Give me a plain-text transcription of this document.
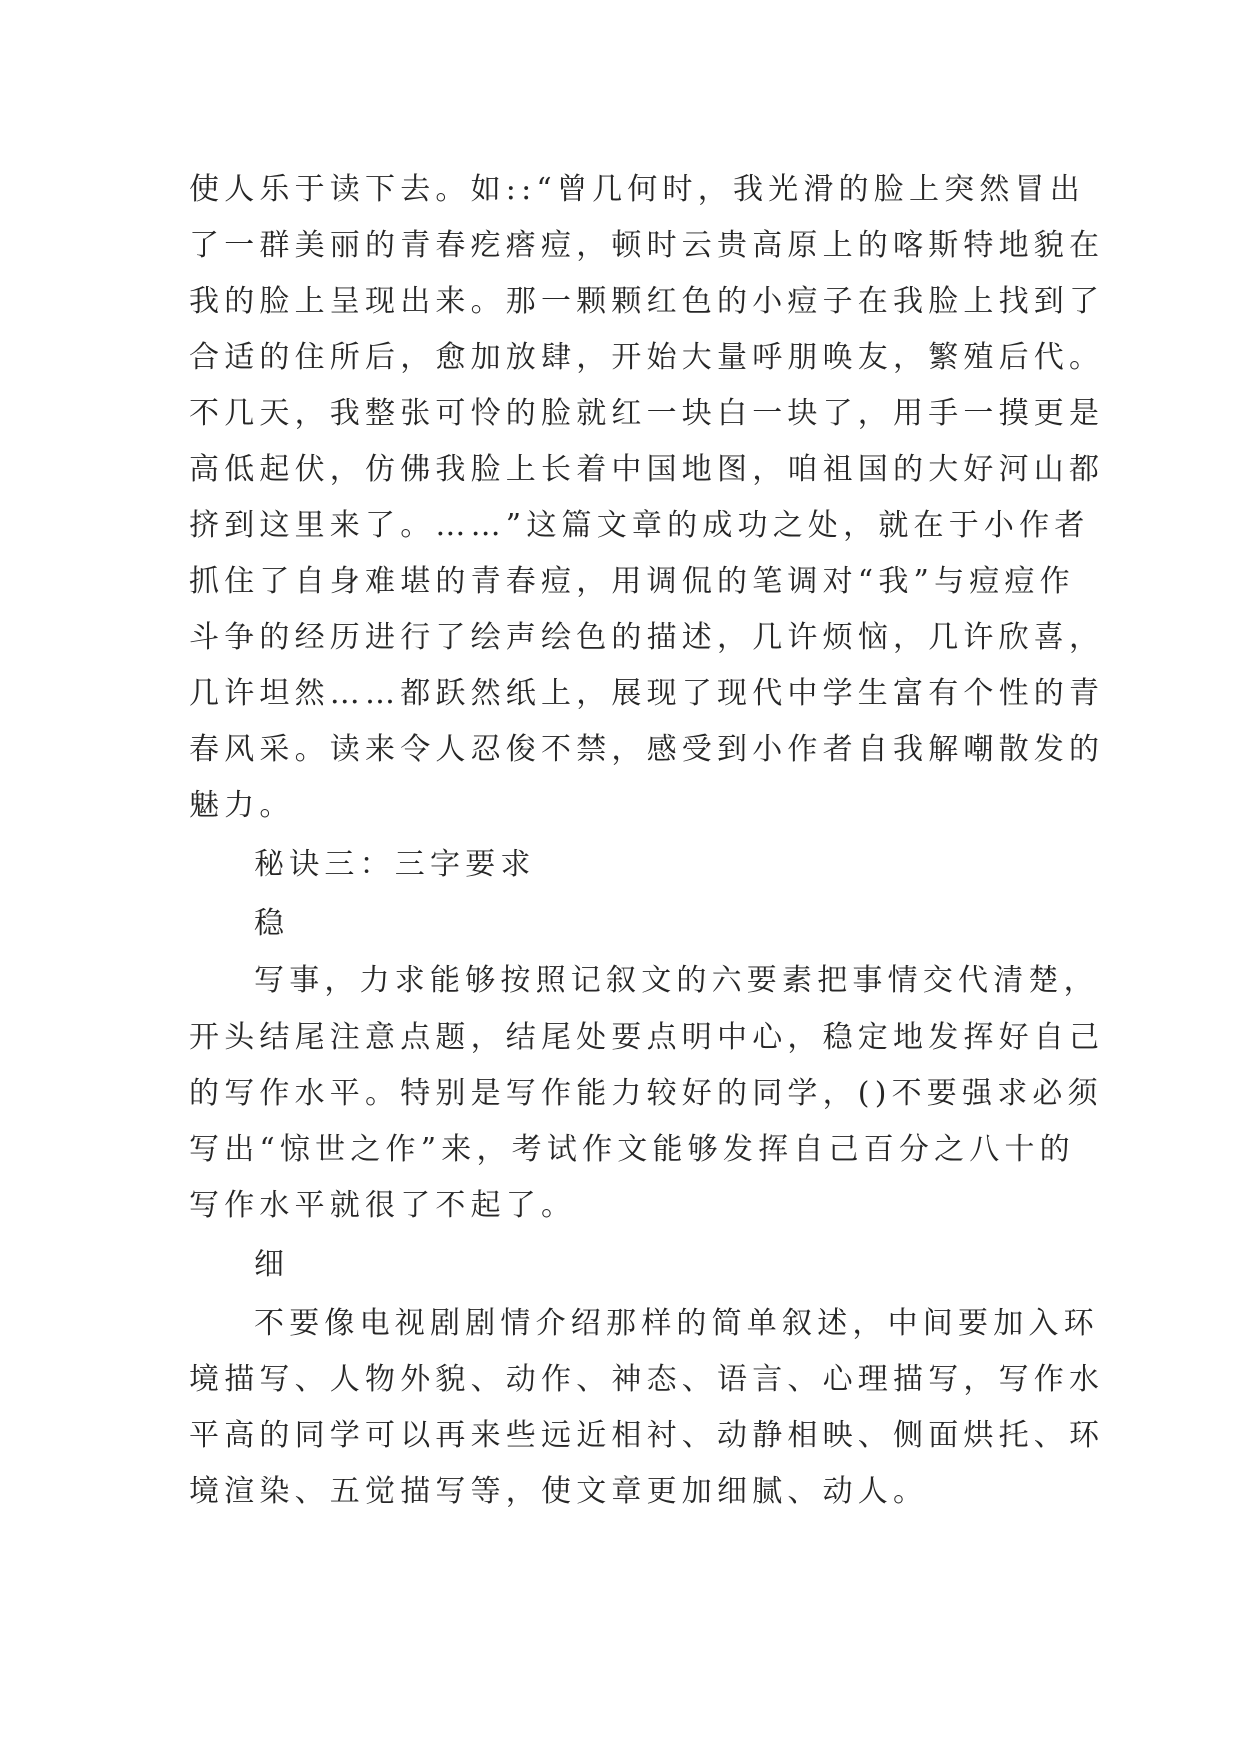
使人乐于读下去。如::“曾几何时，我光滑的脸上突然冒出
了一群美丽的青春疙瘩痘，顿时云贵高原上的喀斯特地貌在
我的脸上呈现出来。那一颗颗红色的小痘子在我脸上找到了
合适的住所后，愈加放肆，开始大量呼朋唤友，繁殖后代。
不几天，我整张可怜的脸就红一块白一块了，用手一摸更是
高低起伏，仿佛我脸上长着中国地图，咱祖国的大好河山都
挤到这里来了。……”这篇文章的成功之处，就在于小作者
抓住了自身难堪的青春痘，用调侃的笔调对“我”与痘痘作
斗争的经历进行了绘声绘色的描述，几许烦恼，几许欣喜，
几许坦然……都跃然纸上，展现了现代中学生富有个性的青
春风采。读来令人忍俊不禁，感受到小作者自我解嘲散发的
魅力。
秘诀三：三字要求
稳
写事，力求能够按照记叙文的六要素把事情交代清楚，
开头结尾注意点题，结尾处要点明中心，稳定地发挥好自己
的写作水平。特别是写作能力较好的同学，()不要强求必须
写出“惊世之作”来，考试作文能够发挥自己百分之八十的
写作水平就很了不起了。
细
不要像电视剧剧情介绍那样的简单叙述，中间要加入环
境描写、人物外貌、动作、神态、语言、心理描写，写作水
平高的同学可以再来些远近相衬、动静相映、侧面烘托、环
境渲染、五觉描写等，使文章更加细腻、动人。
